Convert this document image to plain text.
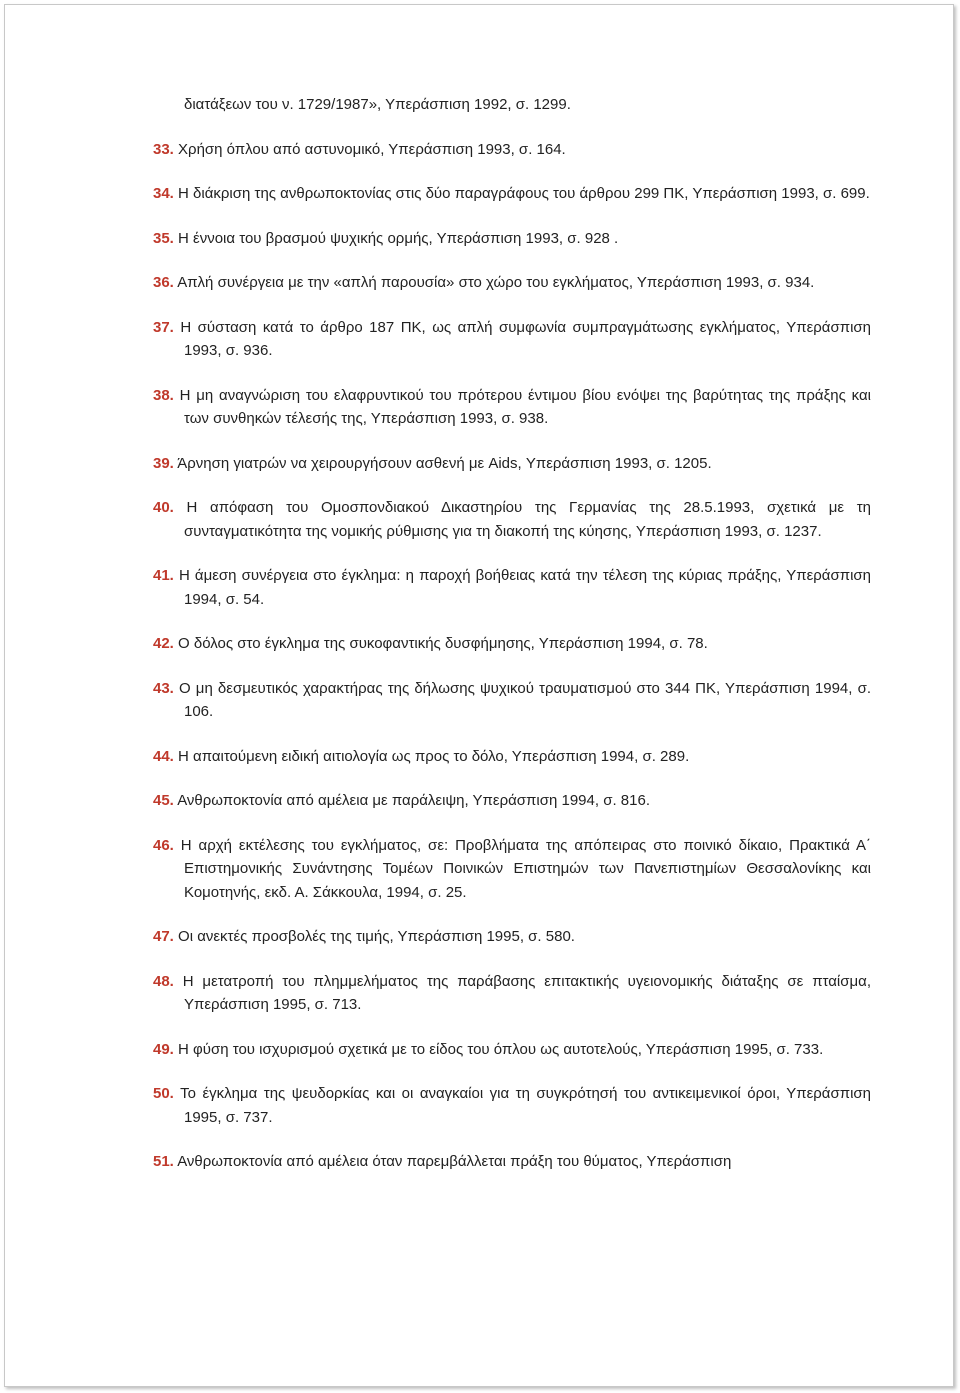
διατάξεων του ν. 1729/1987», Υπεράσπιση 1992, σ. 1299.
33. Χρήση όπλου από αστυνομικό, Υπεράσπιση 1993, σ. 164.
34. Η διάκριση της ανθρωποκτονίας στις δύο παραγράφους του άρθρου 299 ΠΚ, Υπεράσπιση 1993, σ. 699.
35. Η έννοια του βρασμού ψυχικής ορμής, Υπεράσπιση 1993, σ. 928 .
36. Απλή συνέργεια με την «απλή παρουσία» στο χώρο του εγκλήματος, Υπεράσπιση 1993, σ. 934.
37. Η σύσταση κατά το άρθρο 187 ΠΚ, ως απλή συμφωνία συμπραγμάτωσης εγκλήματος, Υπεράσπιση 1993, σ. 936.
38. Η μη αναγνώριση του ελαφρυντικού του πρότερου έντιμου βίου ενόψει της βαρύτητας της πράξης και των συνθηκών τέλεσής της, Υπεράσπιση 1993, σ. 938.
39. Άρνηση γιατρών να χειρουργήσουν ασθενή με Aids, Υπεράσπιση 1993, σ. 1205.
40. Η απόφαση του Ομοσπονδιακού Δικαστηρίου της Γερμανίας της 28.5.1993, σχετικά με τη συνταγματικότητα της νομικής ρύθμισης για τη διακοπή της κύησης, Υπεράσπιση 1993, σ. 1237.
41. Η άμεση συνέργεια στο έγκλημα: η παροχή βοήθειας κατά την τέλεση της κύριας πράξης, Υπεράσπιση 1994, σ. 54.
42. Ο δόλος στο έγκλημα της συκοφαντικής δυσφήμησης, Υπεράσπιση 1994, σ. 78.
43. Ο μη δεσμευτικός χαρακτήρας της δήλωσης ψυχικού τραυματισμού στο 344 ΠΚ, Υπεράσπιση 1994, σ. 106.
44. Η απαιτούμενη ειδική αιτιολογία ως προς το δόλο, Υπεράσπιση 1994, σ. 289.
45. Ανθρωποκτονία από αμέλεια με παράλειψη, Υπεράσπιση 1994, σ. 816.
46. Η αρχή εκτέλεσης του εγκλήματος, σε: Προβλήματα της απόπειρας στο ποινικό δίκαιο, Πρακτικά Α΄ Επιστημονικής Συνάντησης Τομέων Ποινικών Επιστημών των Πανεπιστημίων Θεσσαλονίκης και Κομοτηνής, εκδ. Α. Σάκκουλα, 1994, σ. 25.
47. Οι ανεκτές προσβολές της τιμής, Υπεράσπιση 1995, σ. 580.
48. Η μετατροπή του πλημμελήματος της παράβασης επιτακτικής υγειονομικής διάταξης σε πταίσμα, Υπεράσπιση 1995, σ. 713.
49. Η φύση του ισχυρισμού σχετικά με το είδος του όπλου ως αυτοτελούς, Υπεράσπιση 1995, σ. 733.
50. Το έγκλημα της ψευδορκίας και οι αναγκαίοι για τη συγκρότησή του αντικειμενικοί όροι, Υπεράσπιση 1995, σ. 737.
51. Ανθρωποκτονία από αμέλεια όταν παρεμβάλλεται πράξη του θύματος, Υπεράσπιση
